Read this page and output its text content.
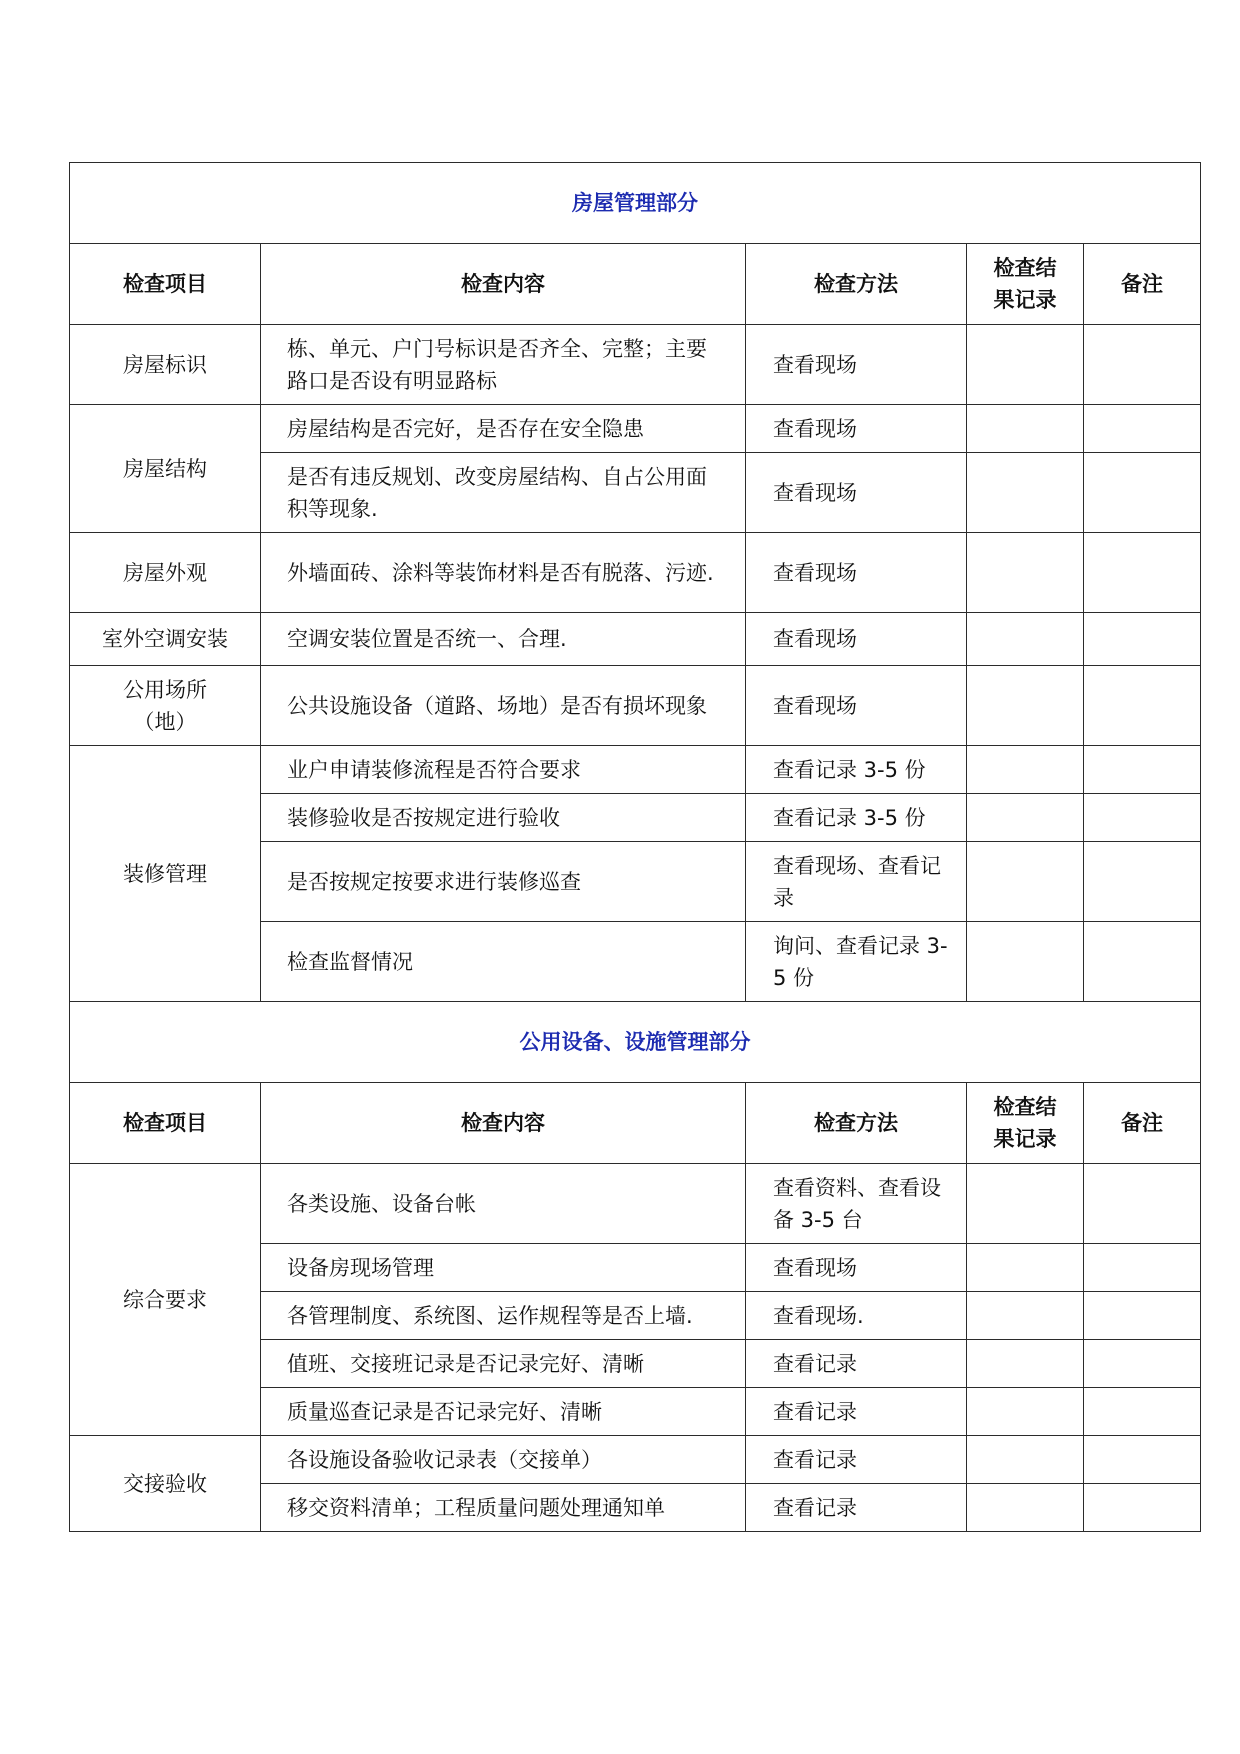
房屋管理部分				
检查项目	检查内容	检查方法	检查结果记录	备注
房屋标识	栋、单元、户门号标识是否齐全、完整；主要路口是否设有明显路标	查看现场		
房屋结构	房屋结构是否完好，是否存在安全隐患	查看现场		
	是否有违反规划、改变房屋结构、自占公用面积等现象.	查看现场		
房屋外观	外墙面砖、涂料等装饰材料是否有脱落、污迹.	查看现场		
室外空调安装	空调安装位置是否统一、合理.	查看现场		
公用场所（地）	公共设施设备（道路、场地）是否有损坏现象	查看现场		
装修管理	业户申请装修流程是否符合要求	查看记录 3-5 份		
	装修验收是否按规定进行验收	查看记录 3-5 份		
	是否按规定按要求进行装修巡查	查看现场、查看记录		
	检查监督情况	询问、查看记录 3-5 份		
公用设备、设施管理部分				
检查项目	检查内容	检查方法	检查结果记录	备注
综合要求	各类设施、设备台帐	查看资料、查看设备 3-5 台		
	设备房现场管理	查看现场		
	各管理制度、系统图、运作规程等是否上墙.	查看现场.		
	值班、交接班记录是否记录完好、清晰	查看记录		
	质量巡查记录是否记录完好、清晰	查看记录		
交接验收	各设施设备验收记录表（交接单）	查看记录		
	移交资料清单；工程质量问题处理通知单	查看记录		
